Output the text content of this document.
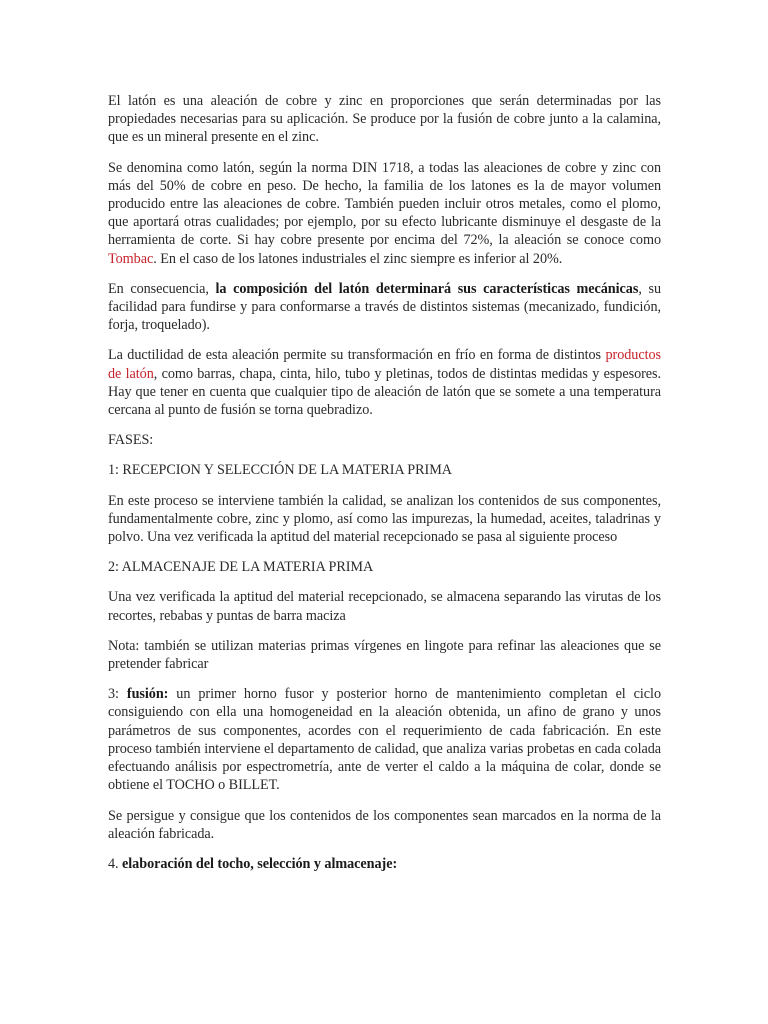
El latón es una aleación de cobre y zinc en proporciones que serán determinadas por las propiedades necesarias para su aplicación. Se produce por la fusión de cobre junto a la calamina, que es un mineral presente en el zinc.

Se denomina como latón, según la norma DIN 1718, a todas las aleaciones de cobre y zinc con más del 50% de cobre en peso. De hecho, la familia de los latones es la de mayor volumen producido entre las aleaciones de cobre. También pueden incluir otros metales, como el plomo, que aportará otras cualidades; por ejemplo, por su efecto lubricante disminuye el desgaste de la herramienta de corte. Si hay cobre presente por encima del 72%, la aleación se conoce como Tombac. En el caso de los latones industriales el zinc siempre es inferior al 20%.

En consecuencia, la composición del latón determinará sus características mecánicas, su facilidad para fundirse y para conformarse a través de distintos sistemas (mecanizado, fundición, forja, troquelado).

La ductilidad de esta aleación permite su transformación en frío en forma de distintos productos de latón, como barras, chapa, cinta, hilo, tubo y pletinas, todos de distintas medidas y espesores. Hay que tener en cuenta que cualquier tipo de aleación de latón que se somete a una temperatura cercana al punto de fusión se torna quebradizo.

FASES:

1: RECEPCION Y SELECCIÓN DE LA MATERIA PRIMA

En este proceso se interviene también la calidad, se analizan los contenidos de sus componentes, fundamentalmente cobre, zinc y plomo, así como las impurezas, la humedad, aceites, taladrinas y polvo. Una vez verificada la aptitud del material recepcionado se pasa al siguiente proceso

2: ALMACENAJE DE LA MATERIA PRIMA

Una vez verificada la aptitud del material recepcionado, se almacena separando las virutas de los recortes, rebabas y puntas de barra maciza

Nota: también se utilizan materias primas vírgenes en lingote para refinar las aleaciones que se pretender fabricar

3: fusión: un primer horno fusor y posterior horno de mantenimiento completan el ciclo consiguiendo con ella una homogeneidad en la aleación obtenida, un afino de grano y unos parámetros de sus componentes, acordes con el requerimiento de cada fabricación. En este proceso también interviene el departamento de calidad, que analiza varias probetas en cada colada efectuando análisis por espectrometría, ante de verter el caldo a la máquina de colar, donde se obtiene el TOCHO o BILLET.

Se persigue y consigue que los contenidos de los componentes sean marcados en la norma de la aleación fabricada.

4. elaboración del tocho, selección y almacenaje:
